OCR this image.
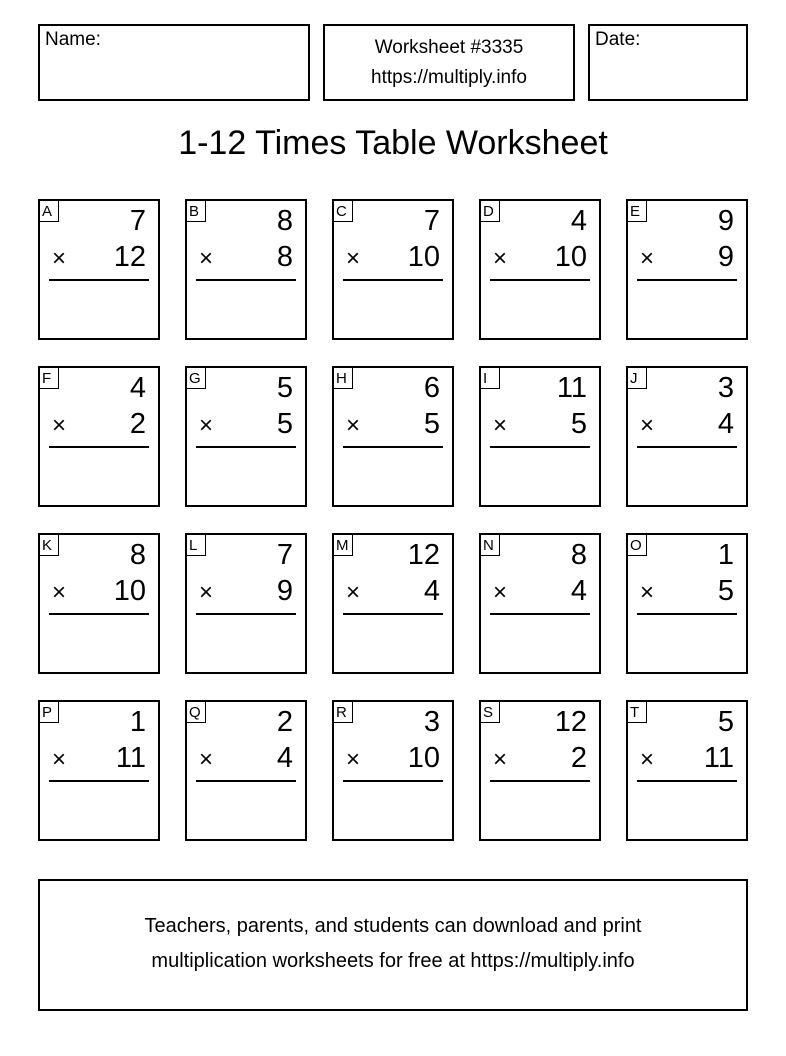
Name:	Worksheet #3335
https://multiply.info
Date:
1-12 Times Table Worksheet
A	7
× 12
B	8
× 8
C	7
× 10
D	4
× 10
E	9
× 9
F	4
× 2
G	5
× 5
H	6
× 5
I	11
× 5
J	3
× 4
K	8
× 10
L	7
× 9
M 12
× 4
N	8
× 4
O	1
× 5
P	1
× 11
Q	2
× 4
R	3
× 10
S 12
× 2
T	5
× 11
Teachers, parents, and students can download and print
multiplication worksheets for free at https://multiply.info
